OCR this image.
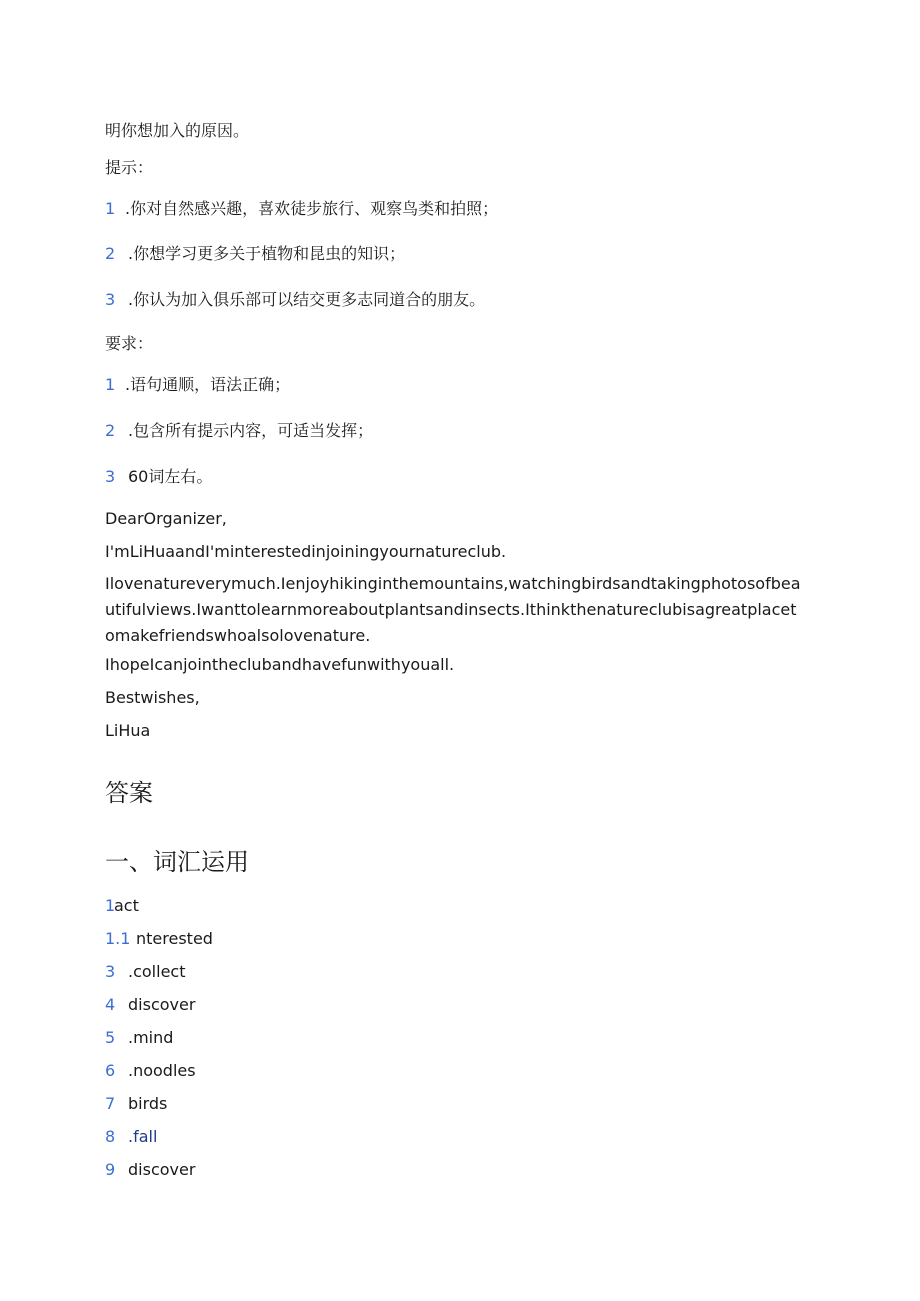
明你想加入的原因。
提示：
1 .你对自然感兴趣，喜欢徒步旅行、观察鸟类和拍照；
2 .你想学习更多关于植物和昆虫的知识；
3 .你认为加入俱乐部可以结交更多志同道合的朋友。
要求：
1 .语句通顺，语法正确；
2 .包含所有提示内容，可适当发挥；
3 60词左右。
DearOrganizer,
I'mLiHuaandI'minterestedinjoiningyournatureclub.
Ilovenatureverymuch.Ienjoyhikinginthemountains,watchingbirdsandtakingphotosofbeautifulviews.Iwanttolearnmoreaboutplantsandinsects.Ithinkthenatureclubisagreatplacetomakefriendswhoalsolovenature.
IhopeIcanjointheclubandhavefunwithyouall.
Bestwishes,
LiHua
答案
一、词汇运用
1act
1.1 nterested
3 .collect
4 discover
5 .mind
6 .noodles
7 birds
8 .fall
9 discover
